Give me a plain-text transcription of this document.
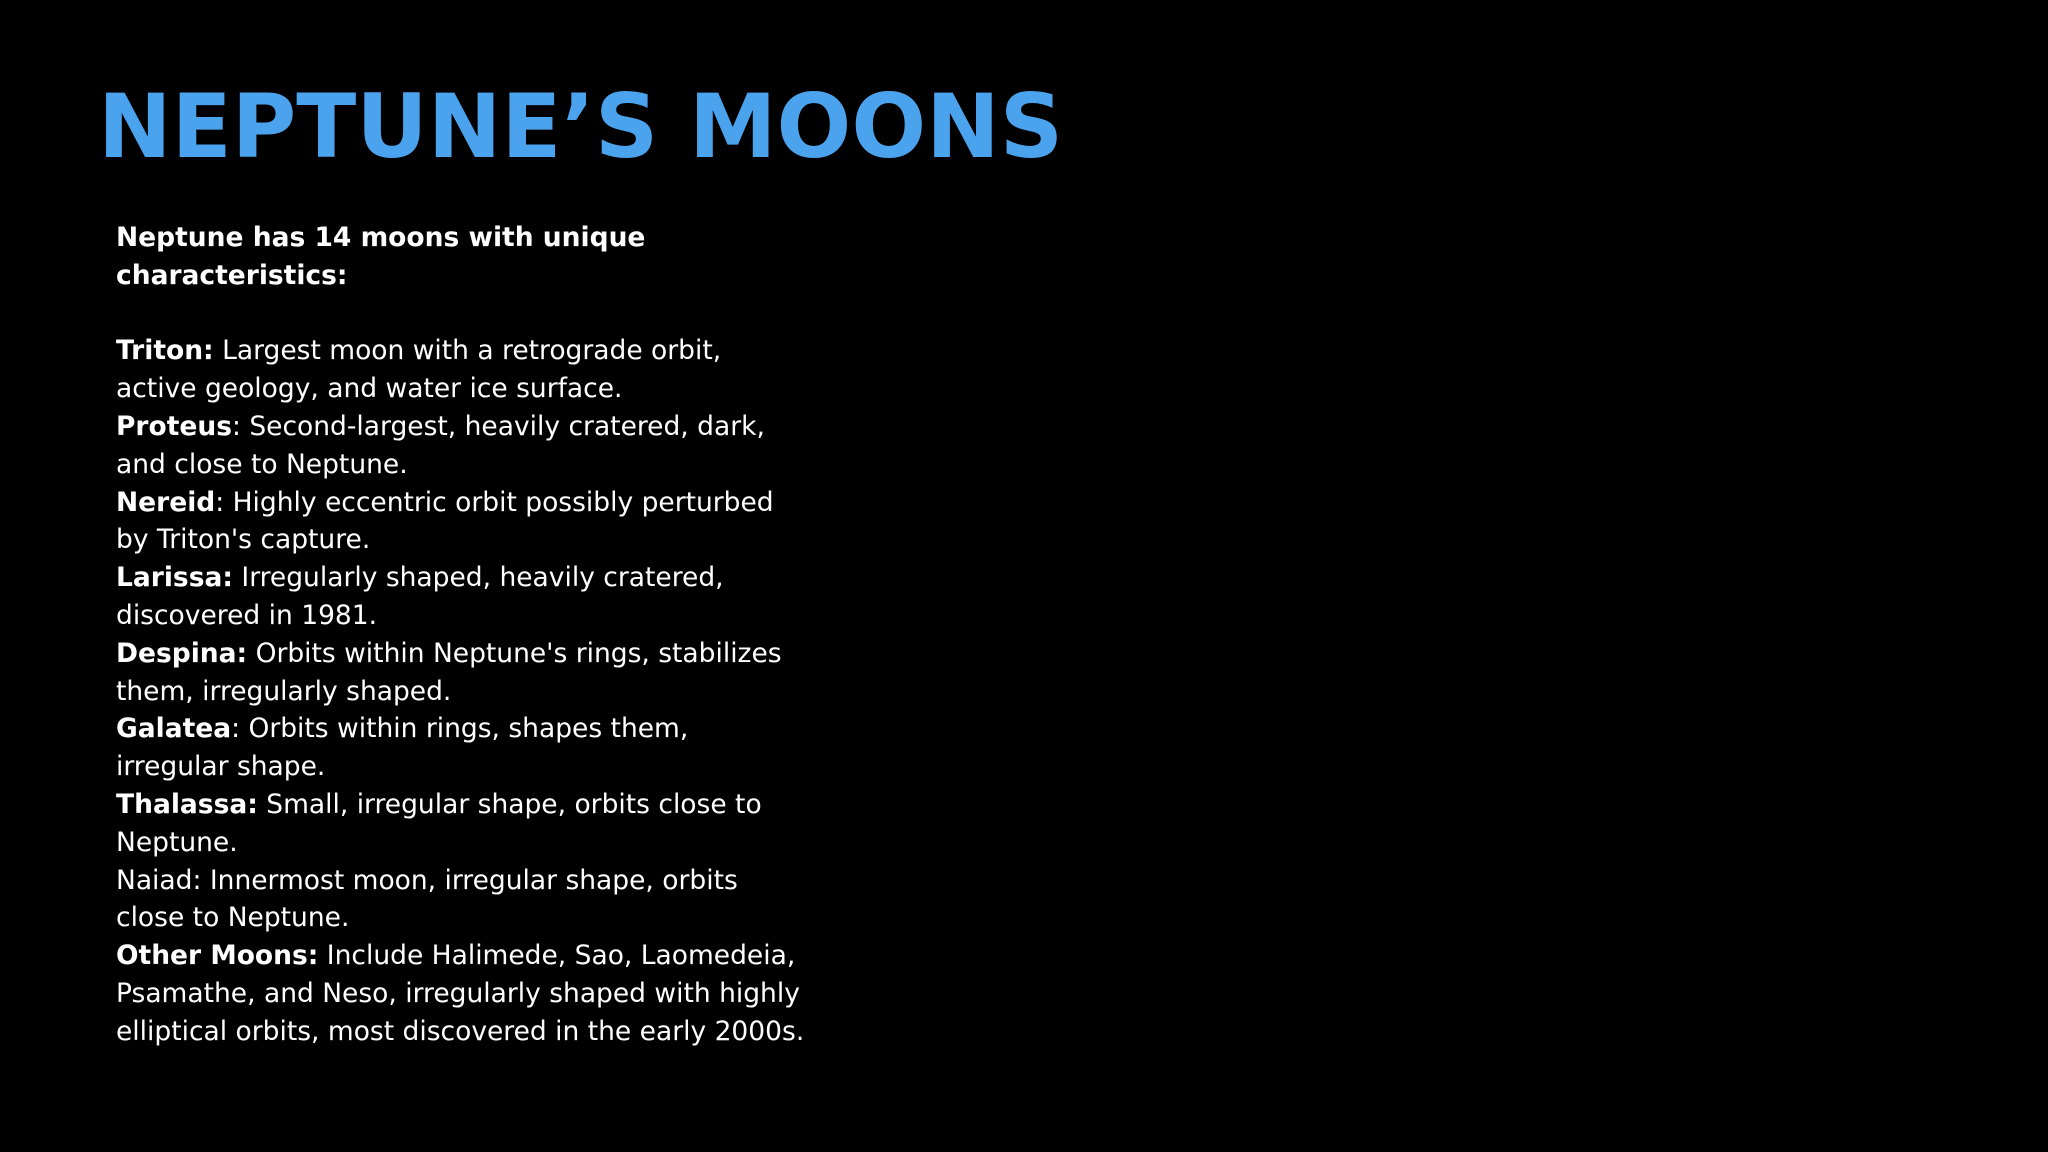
NEPTUNE’S MOONS

Neptune has 14 moons with unique characteristics:

Triton: Largest moon with a retrograde orbit, active geology, and water ice surface.

Proteus: Second-largest, heavily cratered, dark, and close to Neptune.

Nereid: Highly eccentric orbit possibly perturbed by Triton's capture.

Larissa: Irregularly shaped, heavily cratered, discovered in 1981.

Despina: Orbits within Neptune's rings, stabilizes them, irregularly shaped.

Galatea: Orbits within rings, shapes them, irregular shape.

Thalassa: Small, irregular shape, orbits close to Neptune.

Naiad: Innermost moon, irregular shape, orbits close to Neptune.

Other Moons: Include Halimede, Sao, Laomedeia, Psamathe, and Neso, irregularly shaped with highly elliptical orbits, most discovered in the early 2000s.
